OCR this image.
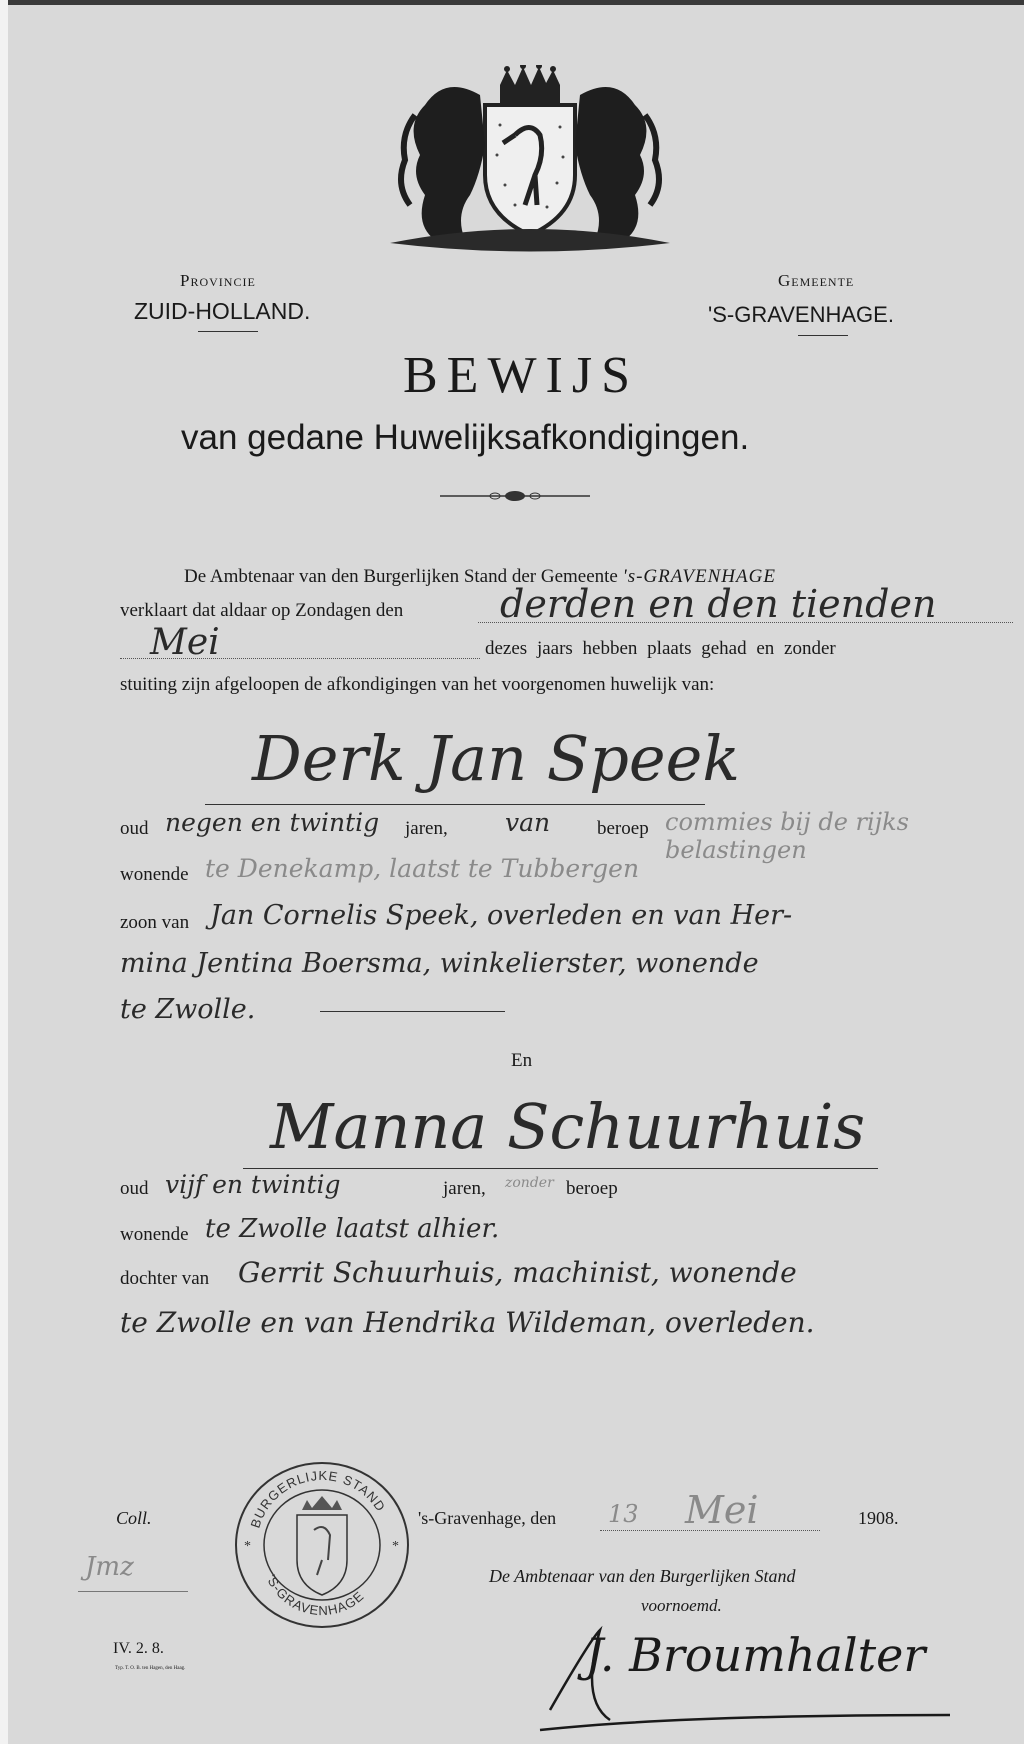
Provincie
ZUID-HOLLAND.
Gemeente
'S-GRAVENHAGE.
BEWIJS
van gedane Huwelijksafkondigingen.
De Ambtenaar van den Burgerlijken Stand der Gemeente 's-GRAVENHAGE
verklaart dat aldaar op Zondagen den	derden en den tienden
Mei	dezes jaars hebben plaats gehad en zonder
stuiting zijn afgeloopen de afkondigingen van het voorgenomen huwelijk van:
Derk Jan Speek
oud negen en twintig jaren, van beroep commies bij de rijks belastingen
wonende te Denekamp, laatst te Tubbergen
zoon van Jan Cornelis Speek, overleden en van Her-
mina Jentina Boersma, winkelierster, wonende
te Zwolle.
En
Manna Schuurhuis
oud vijf en twintig	jaren, zonder beroep
wonende te Zwolle laatst alhier.
dochter van Gerrit Schuurhuis, machinist, wonende
te Zwolle en van Hendrika Wildeman, overleden.
Coll.
Jmz
BURGERLIJKE STAND
'S-GRAVENHAGE
*	*
's-Gravenhage, den 13 Mei	1908.
De Ambtenaar van den Burgerlijken Stand
voornoemd.
IV. 2. 8.
Typ. T. O. B. ten Hagen, den Haag.	J. Broumhalter
